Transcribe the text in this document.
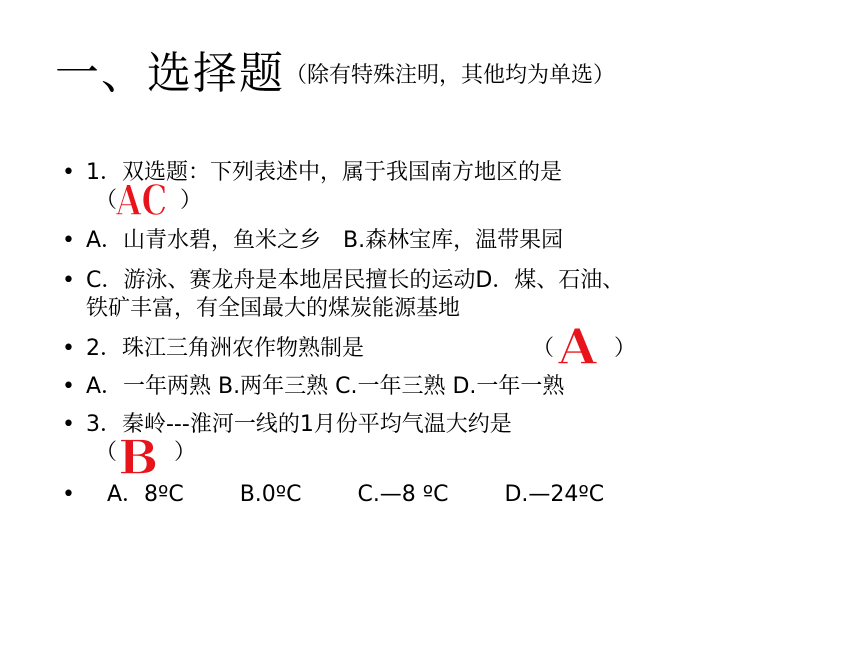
一、选择题（除有特殊注明，其他均为单选）
• 1．双选题：下列表述中，属于我国南方地区的是
（	）
AC
• A．山青水碧，鱼米之乡　B.森林宝库，温带果园
• C．游泳、赛龙舟是本地居民擅长的运动D．煤、石油、
铁矿丰富，有全国最大的煤炭能源基地
• 2．珠江三角洲农作物熟制是	（	）
A
• A．一年两熟 B.两年三熟 C.一年三熟 D.一年一熟
• 3．秦岭---淮河一线的1月份平均气温大约是
（	）
B
• A．8ºC        B.0ºC        C.—8 ºC        D.—24ºC
